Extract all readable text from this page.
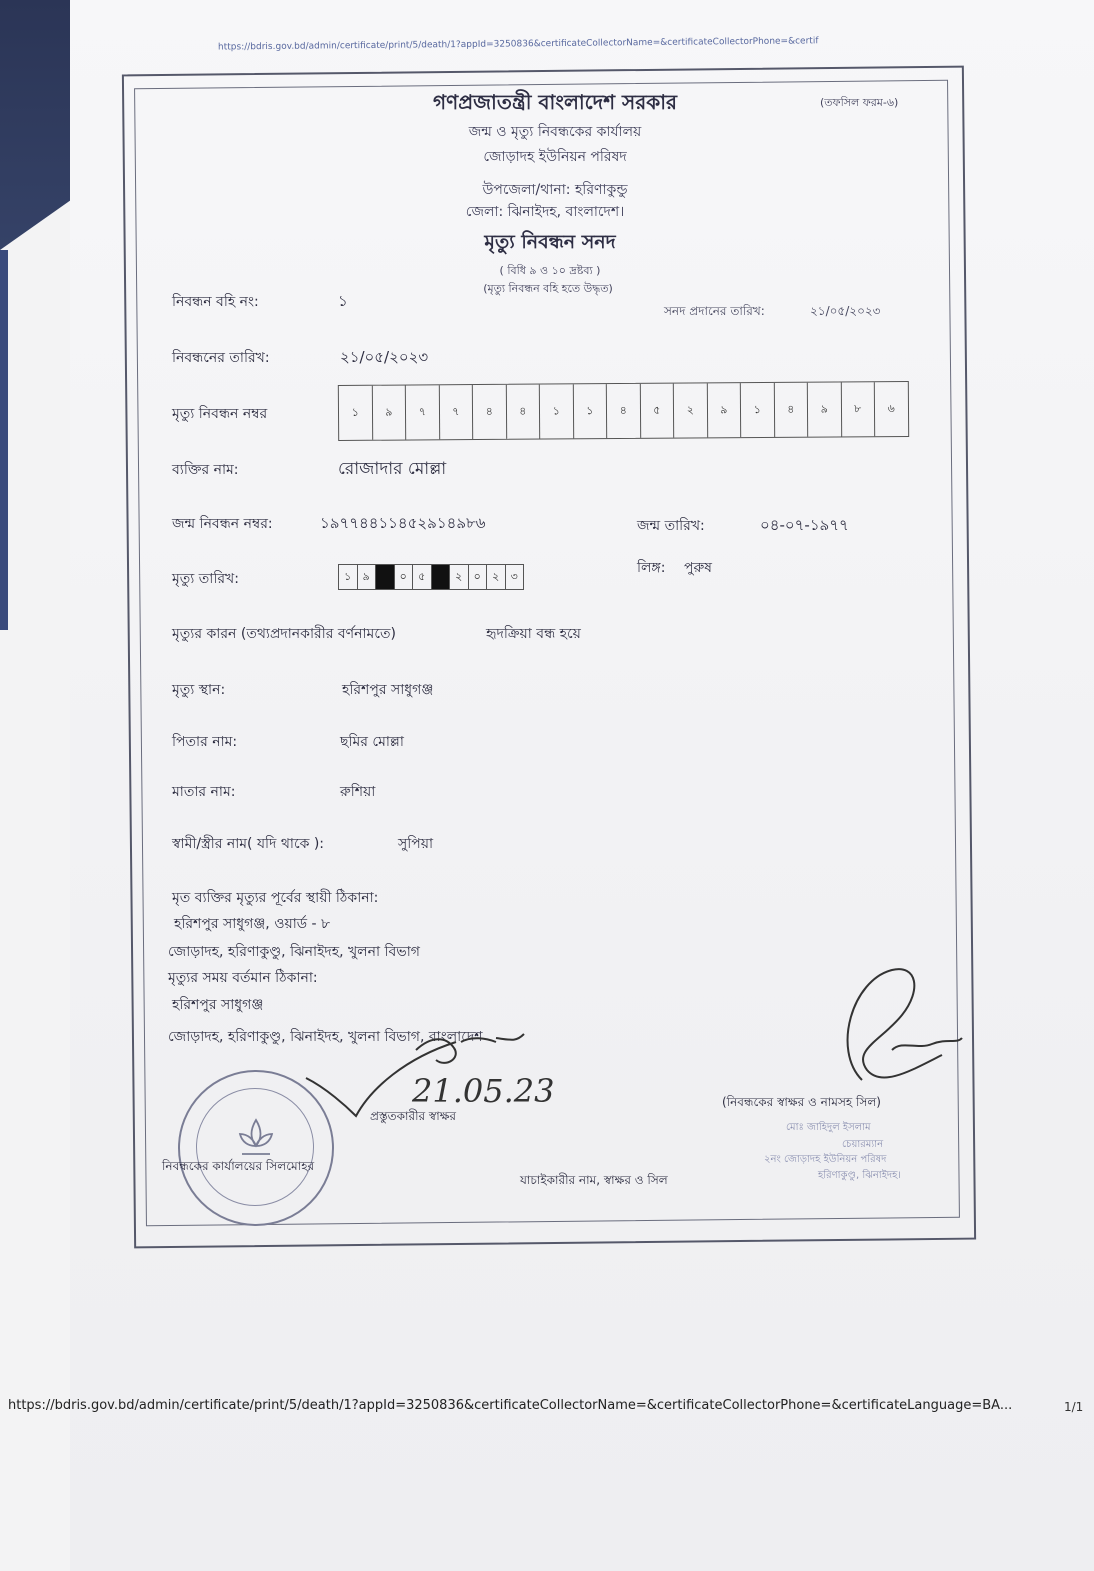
https://bdris.gov.bd/admin/certificate/print/5/death/1?appId=3250836&certificateCollectorName=&certificateCollectorPhone=&certif
গণপ্রজাতন্ত্রী বাংলাদেশ সরকার	(তফসিল ফরম-৬)
জন্ম ও মৃত্যু নিবন্ধকের কার্যালয়
জোড়াদহ ইউনিয়ন পরিষদ
উপজেলা/থানা: হরিণাকুন্ডু
জেলা: ঝিনাইদহ, বাংলাদেশ।
মৃত্যু নিবন্ধন সনদ
( বিধি ৯ ও ১০ দ্রষ্টব্য )
(মৃত্যু নিবন্ধন বহি হতে উদ্ধৃত)
নিবন্ধন বহি নং:	১
সনদ প্রদানের তারিখ:	২১/০৫/২০২৩
নিবন্ধনের তারিখ:	২১/০৫/২০২৩
মৃত্যু নিবন্ধন নম্বর	১	৯	৭	৭	৪	৪	১	১	৪	৫	২	৯	১	৪	৯	৮	৬
ব্যক্তির নাম:	রোজাদার মোল্লা
জন্ম নিবন্ধন নম্বর:	১৯৭৭৪৪১১৪৫২৯১৪৯৮৬	জন্ম তারিখ:	০৪-০৭-১৯৭৭
মৃত্যু তারিখ:	১	৯	০	৫	২	০	২	৩	লিঙ্গ: পুরুষ
মৃত্যুর কারন (তথ্যপ্রদানকারীর বর্ণনামতে)	হৃদক্রিয়া বন্ধ হয়ে
মৃত্যু স্থান:	হরিশপুর সাধুগঞ্জ
পিতার নাম:	ছমির মোল্লা
মাতার নাম:	রুশিয়া
স্বামী/স্ত্রীর নাম( যদি থাকে ):	সুপিয়া
মৃত ব্যক্তির মৃত্যুর পূর্বের স্থায়ী ঠিকানা:
হরিশপুর সাধুগঞ্জ, ওয়ার্ড - ৮
জোড়াদহ, হরিণাকুণ্ডু, ঝিনাইদহ, খুলনা বিভাগ
মৃত্যুর সময় বর্তমান ঠিকানা:
হরিশপুর সাধুগঞ্জ
জোড়াদহ, হরিণাকুণ্ডু, ঝিনাইদহ, খুলনা বিভাগ, বাংলাদেশ
21.05.23
প্রস্তুতকারীর স্বাক্ষর
নিবন্ধকের কার্যালয়ের সিলমোহর
যাচাইকারীর নাম, স্বাক্ষর ও সিল
(নিবন্ধকের স্বাক্ষর ও নামসহ সিল)
মোঃ জাহিদুল ইসলাম
চেয়ারম্যান
২নং জোড়াদহ ইউনিয়ন পরিষদ
হরিণাকুণ্ডু, ঝিনাইদহ।
https://bdris.gov.bd/admin/certificate/print/5/death/1?appId=3250836&certificateCollectorName=&certificateCollectorPhone=&certificateLanguage=BA...	1/1
